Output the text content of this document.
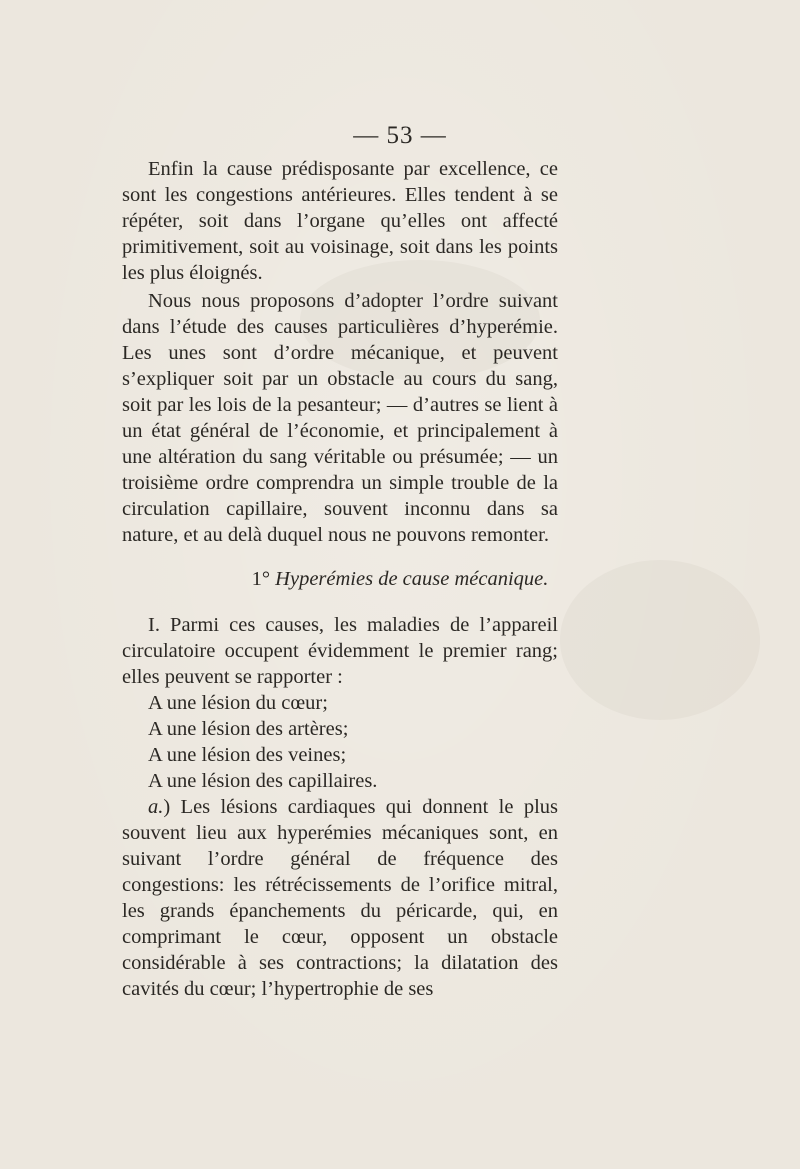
— 53 —

Enfin la cause prédisposante par excellence, ce sont les congestions antérieures. Elles tendent à se répéter, soit dans l’organe qu’elles ont affecté primitivement, soit au voisinage, soit dans les points les plus éloignés.

Nous nous proposons d’adopter l’ordre suivant dans l’étude des causes particulières d’hyperémie. Les unes sont d’ordre mécanique, et peuvent s’expliquer soit par un obstacle au cours du sang, soit par les lois de la pesanteur; — d’autres se lient à un état général de l’économie, et principalement à une altération du sang véritable ou présumée; — un troisième ordre comprendra un simple trouble de la circulation capillaire, souvent inconnu dans sa nature, et au delà duquel nous ne pouvons remonter.

1° Hyperémies de cause mécanique.

I. Parmi ces causes, les maladies de l’appareil circulatoire occupent évidemment le premier rang; elles peuvent se rapporter :

A une lésion du cœur;
A une lésion des artères;
A une lésion des veines;
A une lésion des capillaires.

a.) Les lésions cardiaques qui donnent le plus souvent lieu aux hyperémies mécaniques sont, en suivant l’ordre général de fréquence des congestions: les rétrécissements de l’orifice mitral, les grands épanchements du péricarde, qui, en comprimant le cœur, opposent un obstacle considérable à ses contractions; la dilatation des cavités du cœur; l’hypertrophie de ses
